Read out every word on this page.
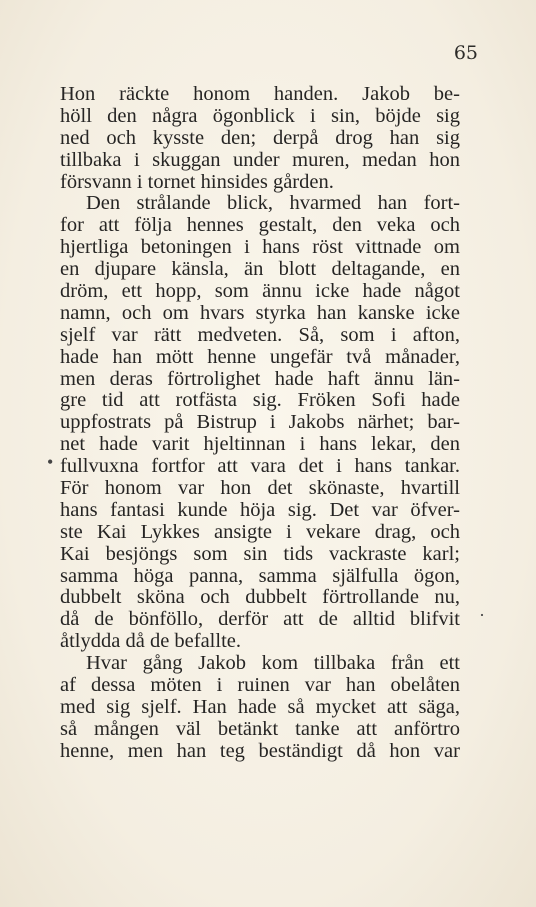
65
Hon räckte honom handen. Jakob be-
höll den några ögonblick i sin, böjde sig
ned och kysste den; derpå drog han sig
tillbaka i skuggan under muren, medan hon
försvann i tornet hinsides gården.
Den strålande blick, hvarmed han fort-
for att följa hennes gestalt, den veka och
hjertliga betoningen i hans röst vittnade om
en djupare känsla, än blott deltagande, en
dröm, ett hopp, som ännu icke hade något
namn, och om hvars styrka han kanske icke
sjelf var rätt medveten. Så, som i afton,
hade han mött henne ungefär två månader,
men deras förtrolighet hade haft ännu län-
gre tid att rotfästa sig. Fröken Sofi hade
uppfostrats på Bistrup i Jakobs närhet; bar-
net hade varit hjeltinnan i hans lekar, den
fullvuxna fortfor att vara det i hans tankar.
För honom var hon det skönaste, hvartill
hans fantasi kunde höja sig. Det var öfver-
ste Kai Lykkes ansigte i vekare drag, och
Kai besjöngs som sin tids vackraste karl;
samma höga panna, samma själfulla ögon,
dubbelt sköna och dubbelt förtrollande nu,
då de bönföllo, derför att de alltid blifvit
åtlydda då de befallte.
Hvar gång Jakob kom tillbaka från ett
af dessa möten i ruinen var han obelåten
med sig sjelf. Han hade så mycket att säga,
så mången väl betänkt tanke att anförtro
henne, men han teg beständigt då hon var
•
·
